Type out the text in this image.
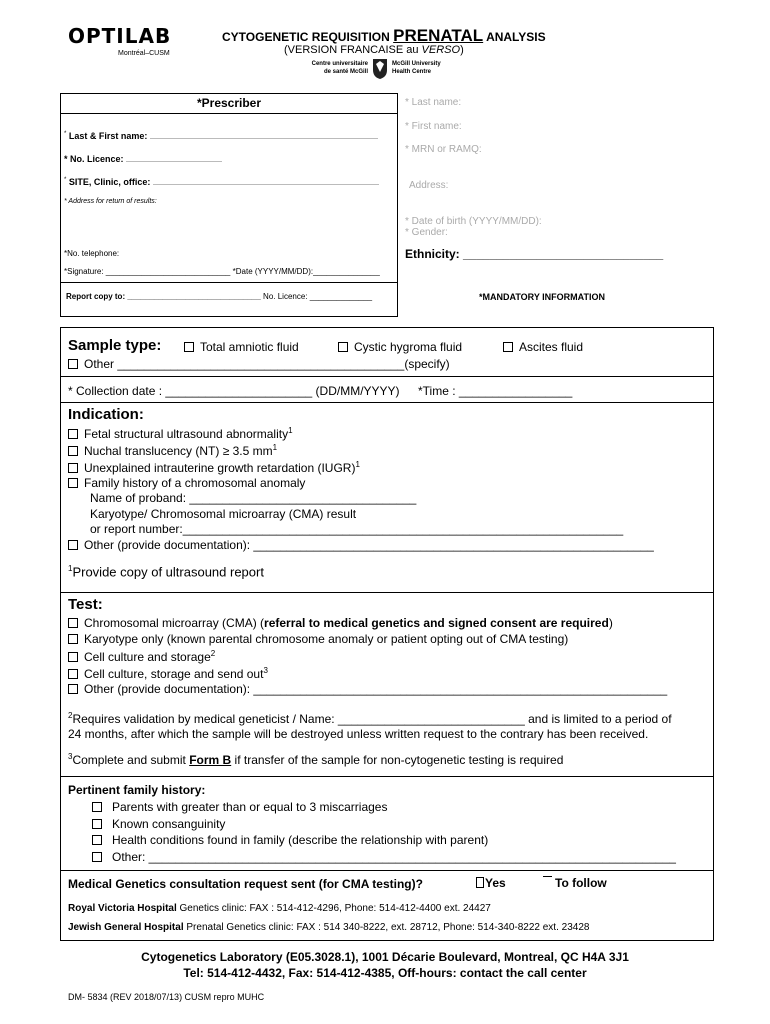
OPTILAB
Montréal–CUSM
CYTOGENETIC REQUISITION PRENATAL ANALYSIS
(VERSION FRANCAISE au VERSO)
Centre universitaire
de santé McGill
McGill University
Health Centre
*Prescriber
* Last & First name:
* No. Licence:
* SITE, Clinic, office:
* Address for return of results:
*No. telephone:
*Signature: ____________________________ *Date (YYYY/MM/DD):_______________
Report copy to: ______________________________ No. Licence: ______________
* Last name:
* First name:
* MRN or RAMQ:
Address:
* Date of birth (YYYY/MM/DD):
* Gender:
Ethnicity: ______________________________
*MANDATORY INFORMATION
Sample type:	Total amniotic fluid	Cystic hygroma fluid	Ascites fluid
Other ___________________________________________(specify)
* Collection date : ______________________ (DD/MM/YYYY) *Time : _________________
Indication:
Fetal structural ultrasound abnormality$^1$
Nuchal translucency (NT) ≥ 3.5 $mm^1$
Unexplained intrauterine growth retardation (IUGR)$^1$
Family history of a chromosomal anomaly
Name of proband: __________________________________
Karyotype/ Chromosomal microarray (CMA) result
or report number:__________________________________________________________________
Other (provide documentation): ____________________________________________________________
$^1$Provide copy of ultrasound report
Test:
Chromosomal microarray (CMA) (referral to medical genetics and signed consent are required)
Karyotype only (known parental chromosome anomaly or patient opting out of CMA testing)
Cell culture and storage$^2$
Cell culture, storage and send out$^3$
Other (provide documentation): ______________________________________________________________
$^2$Requires validation by medical geneticist / Name: ____________________________ and is limited to a period of
24 months, after which the sample will be destroyed unless written request to the contrary has been received.
$^3$Complete and submit Form B if transfer of the sample for non-cytogenetic testing is required
Pertinent family history:
Parents with greater than or equal to 3 miscarriages
Known consanguinity
Health conditions found in family (describe the relationship with parent)
Other: _______________________________________________________________________________
Medical Genetics consultation request sent (for CMA testing)?	Yes	To follow
Royal Victoria Hospital Genetics clinic: FAX : 514-412-4296, Phone: 514-412-4400 ext. 24427
Jewish General Hospital Prenatal Genetics clinic: FAX : 514 340-8222, ext. 28712, Phone: 514-340-8222 ext. 23428
Cytogenetics Laboratory (E05.3028.1), 1001 Décarie Boulevard, Montreal, QC H4A 3J1
Tel: 514-412-4432, Fax: 514-412-4385, Off-hours: contact the call center
DM- 5834 (REV 2018/07/13) CUSM repro MUHC
